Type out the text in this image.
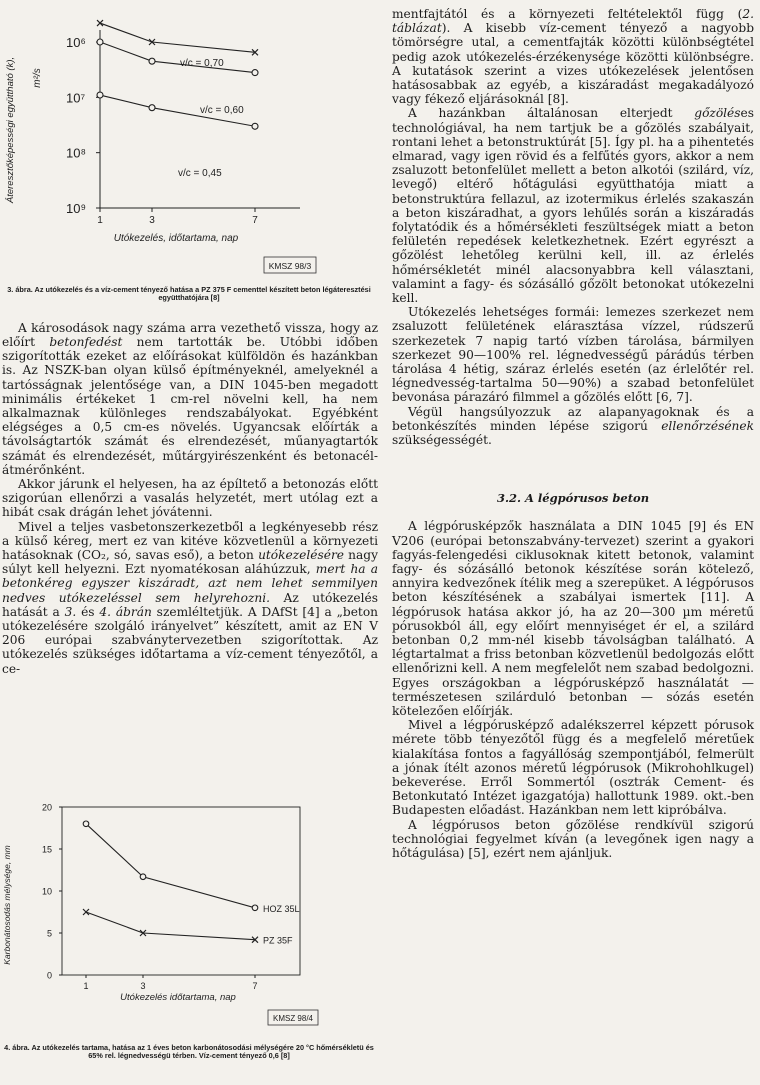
Áteresztőképességi együttható (k), m²/s
10⁶
10⁷
10⁸
10⁹
1	3	7
v/c = 0,70
v/c = 0,60
v/c = 0,45
Utókezelés, időtartama, nap
KMSZ 98/3
3. ábra. Az utókezelés és a víz-cement tényező hatása a PZ 375 F cementtel készített beton légáteresztési együtthatójára [8]

A károsodások nagy száma arra vezethető vissza, hogy az előírt betonfedést nem tartották be. Utóbbi időben szigorították ezeket az előírásokat külföldön és hazánkban is. Az NSZK-ban olyan külső építményeknél, amelyeknél a tartósságnak jelentősége van, a DIN 1045-ben megadott minimális értékeket 1 cm-rel növelni kell, ha nem alkalmaznak különleges rendszabályokat. Egyébként elégséges a 0,5 cm-es növelés. Ugyancsak előírták a távolságtartók számát és elrendezését, műanyagtartók számát és elrendezését, műtárgyirészenként és betonacél-átmérőnként.

Akkor járunk el helyesen, ha az épíltető a betonozás előtt szigorúan ellenőrzi a vasalás helyzetét, mert utólag ezt a hibát csak drágán lehet jóvátenni.

Mivel a teljes vasbetonszerkezetből a legkényesebb rész a külső kéreg, mert ez van kitéve közvetlenül a környezeti hatásoknak (CO₂, só, savas eső), a beton utókezelésére nagy súlyt kell helyezni. Ezt nyomatékosan aláhúzzuk, mert ha a betonkéreg egyszer kiszáradt, azt nem lehet semmilyen nedves utókezeléssel sem helyrehozni. Az utókezelés hatását a 3. és 4. ábrán szemléltetjük. A DAfSt [4] a „beton utókezelésére szolgáló irányelvet” készített, amit az EN V 206 európai szabványtervezetben szigorítottak. Az utókezelés szükséges időtartama a víz-cement tényezőtől, a ce-

Karbonátosodás mélysége, mm
0
5
10
15
20
1	3	7
HOZ 35L
PZ 35F
Utókezelés időtartama, nap
KMSZ 98/4
4. ábra. Az utókezelés tartama, hatása az 1 éves beton karbonátosodási mélységére 20 °C hőmérsékletü és 65% rel. légnedvességü térben. Víz-cement tényező 0,6 [8]

mentfajtától és a környezeti feltételektől függ (2. táblázat). A kisebb víz-cement tényező a nagyobb tömörségre utal, a cementfajták közötti különbségtétel pedig azok utókezelés-érzékenysége közötti különbségre. A kutatások szerint a vizes utókezelések jelentősen hatásosabbak az egyéb, a kiszáradást megakadályozó vagy fékező eljárásoknál [8].

A hazánkban általánosan elterjedt gőzöléses technológiával, ha nem tartjuk be a gőzölés szabályait, rontani lehet a betonstruktúrát [5]. Így pl. ha a pihentetés elmarad, vagy igen rövid és a felfűtés gyors, akkor a nem zsaluzott betonfelület mellett a beton alkotói (szilárd, víz, levegő) eltérő hőtágulási együtthatója miatt a betonstruktúra fellazul, az izotermikus érlelés szakaszán a beton kiszáradhat, a gyors lehűlés során a kiszáradás folytatódik és a hőmérsékleti feszültségek miatt a beton felületén repedések keletkezhetnek. Ezért egyrészt a gőzölést lehetőleg kerülni kell, ill. az érlelés hőmérsékletét minél alacsonyabbra kell választani, valamint a fagy- és sózásálló gőzölt betonokat utókezelni kell.

Utókezelés lehetséges formái: lemezes szerkezet nem zsaluzott felületének elárasztása vízzel, rúdszerű szerkezetek 7 napig tartó vízben tárolása, bármilyen szerkezet 90—100% rel. légnedvességű párádús térben tárolása 4 hétig, száraz érlelés esetén (az érlelőtér rel. légnedvesség-tartalma 50—90%) a szabad betonfelület bevonása párazáró filmmel a gőzölés előtt [6, 7].

Végül hangsúlyozzuk az alapanyagoknak és a betonkészítés minden lépése szigorú ellenőrzésének szükségességét.

3.2. A légpórusos beton

A légpórusképzők használata a DIN 1045 [9] és EN V206 (európai betonszabvány-tervezet) szerint a gyakori fagyás-felengedési ciklusoknak kitett betonok, valamint fagy- és sózásálló betonok készítése során kötelező, annyira kedvezőnek ítélik meg a szerepüket. A légpórusos beton készítésének a szabályai ismertek [11]. A légpórusok hatása akkor jó, ha az 20—300 µm méretű pórusokból áll, egy előírt mennyiséget ér el, a szilárd betonban 0,2 mm-nél kisebb távolságban található. A légtartalmat a friss betonban közvetlenül bedolgozás előtt ellenőrizni kell. A nem megfelelőt nem szabad bedolgozni. Egyes országokban a légpórusképző használatát — természetesen szilárduló betonban — sózás esetén kötelezően előírják.

Mivel a légpórusképző adalékszerrel képzett pórusok mérete több tényezőtől függ és a megfelelő méretűek kialakítása fontos a fagyállóság szempontjából, felmerült a jónak ítélt azonos méretű légpórusok (Mikrohohlkugel) bekeverése. Erről Sommertól (osztrák Cement- és Betonkutató Intézet igazgatója) hallottunk 1989. okt.-ben Budapesten előadást. Hazánkban nem lett kipróbálva.

A légpórusos beton gőzölése rendkívül szigorú technológiai fegyelmet kíván (a levegőnek igen nagy a hőtágulása) [5], ezért nem ajánljuk.
